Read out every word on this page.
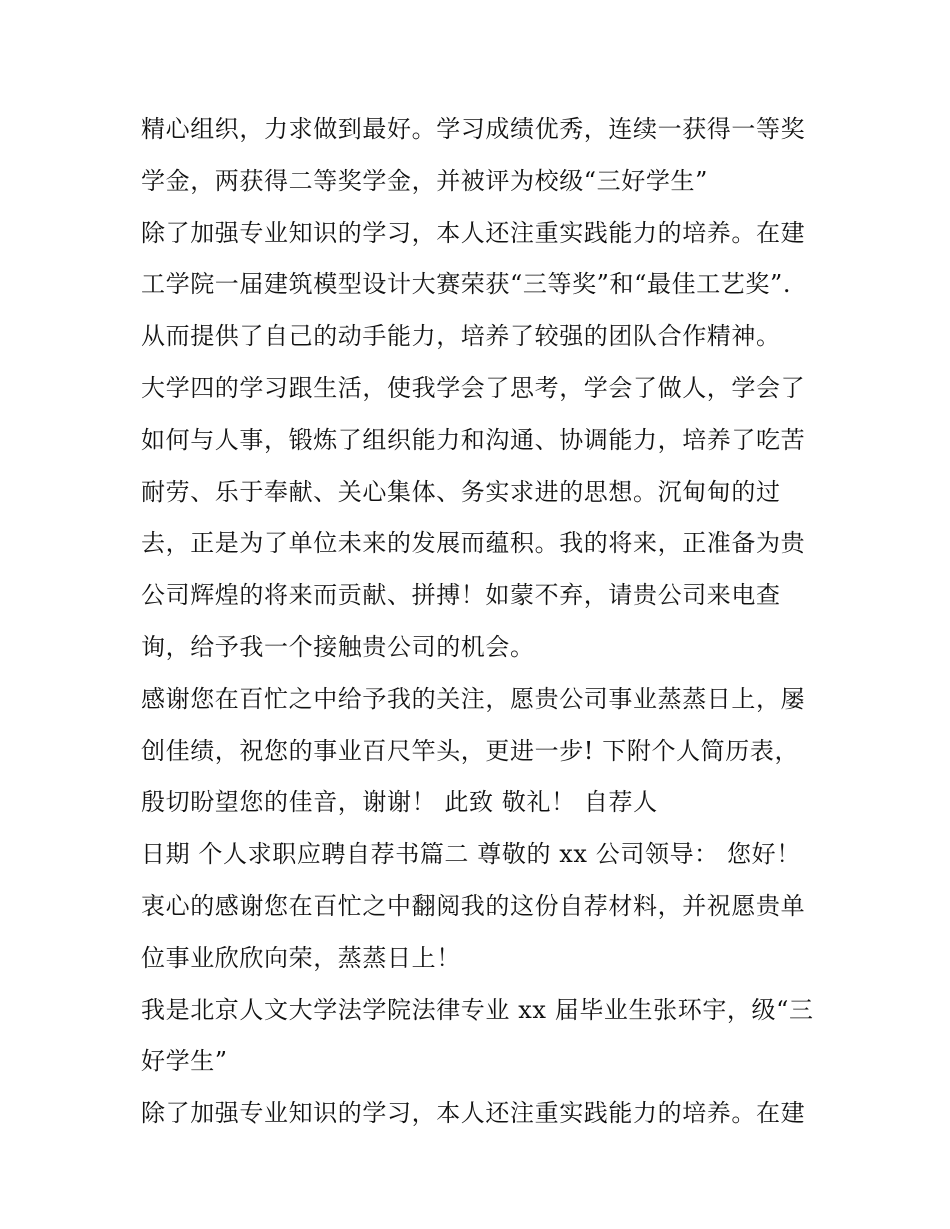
精心组织，力求做到最好。学习成绩优秀，连续一获得一等奖
学金，两获得二等奖学金，并被评为校级“三好学生”
除了加强专业知识的学习，本人还注重实践能力的培养。在建
工学院一届建筑模型设计大赛荣获“三等奖”和“最佳工艺奖”.
从而提供了自己的动手能力，培养了较强的团队合作精神。
大学四的学习跟生活，使我学会了思考，学会了做人，学会了
如何与人事，锻炼了组织能力和沟通、协调能力，培养了吃苦
耐劳、乐于奉献、关心集体、务实求进的思想。沉甸甸的过
去，正是为了单位未来的发展而蕴积。我的将来，正准备为贵
公司辉煌的将来而贡献、拼搏！如蒙不弃，请贵公司来电查
询，给予我一个接触贵公司的机会。
感谢您在百忙之中给予我的关注，愿贵公司事业蒸蒸日上，屡
创佳绩，祝您的事业百尺竿头，更进一步! 下附个人简历表，
殷切盼望您的佳音，谢谢！ 此致 敬礼！ 自荐人
日期 个人求职应聘自荐书篇二 尊敬的 xx 公司领导： 您好！
衷心的感谢您在百忙之中翻阅我的这份自荐材料，并祝愿贵单
位事业欣欣向荣，蒸蒸日上！
我是北京人文大学法学院法律专业 xx 届毕业生张环宇，级“三
好学生”
除了加强专业知识的学习，本人还注重实践能力的培养。在建
